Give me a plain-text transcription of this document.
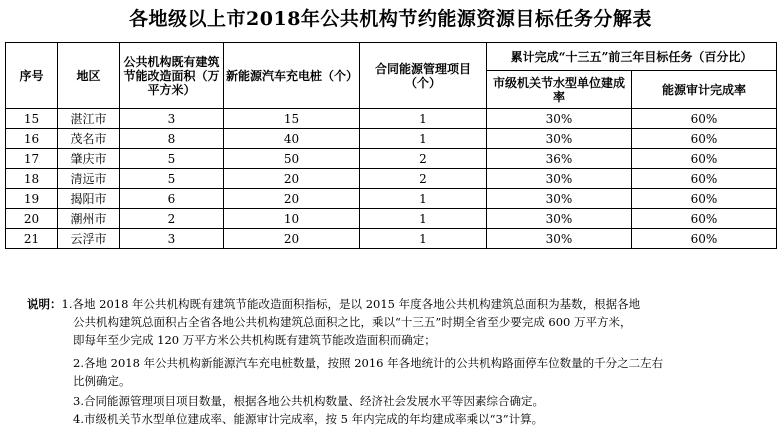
各地级以上市2018年公共机构节约能源资源目标任务分解表
序号	地区	公共机构既有建筑节能改造面积（万平方米）	新能源汽车充电桩（个）	合同能源管理项目（个）	累计完成“十三五”前三年目标任务（百分比）	
					市级机关节水型单位建成率	能源审计完成率
15	湛江市	3	15	1	30%	60%
16	茂名市	8	40	1	30%	60%
17	肇庆市	5	50	2	36%	60%
18	清远市	5	20	2	30%	60%
19	揭阳市	6	20	1	30%	60%
20	潮州市	2	10	1	30%	60%
21	云浮市	3	20	1	30%	60%
说明：1.各地 2018 年公共机构既有建筑节能改造面积指标，是以 2015 年度各地公共机构建筑总面积为基数，根据各地
公共机构建筑总面积占全省各地公共机构建筑总面积之比，乘以“十三五”时期全省至少要完成 600 万平方米，
即每年至少完成 120 万平方米公共机构既有建筑节能改造面积而确定；
2.各地 2018 年公共机构新能源汽车充电桩数量，按照 2016 年各地统计的公共机构路面停车位数量的千分之二左右
比例确定。
3.合同能源管理项目项目数量，根据各地公共机构数量、经济社会发展水平等因素综合确定。
4.市级机关节水型单位建成率、能源审计完成率，按 5 年内完成的年均建成率乘以“3”计算。
